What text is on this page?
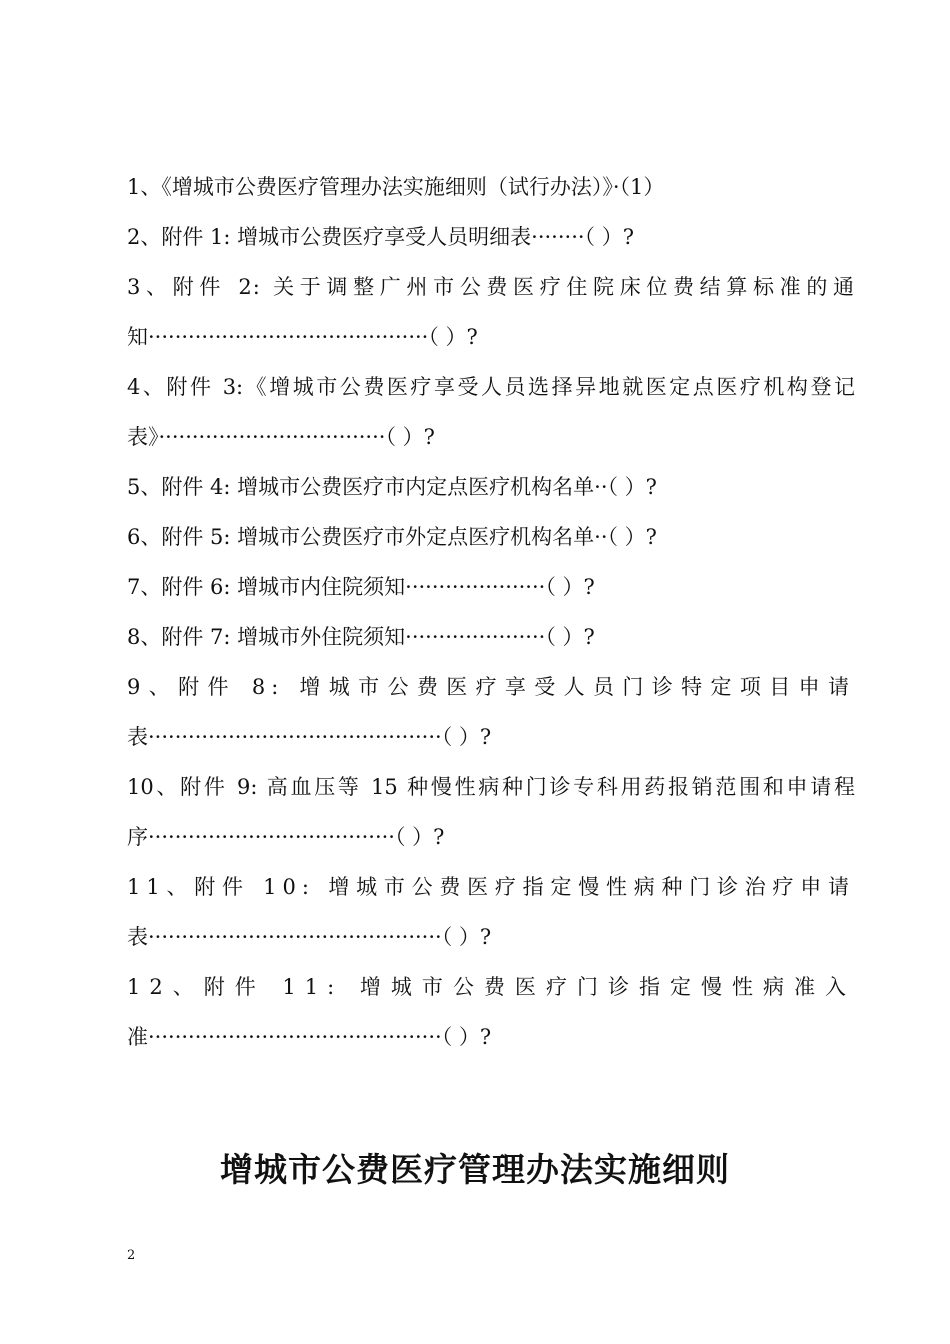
1、《增城市公费医疗管理办法实施细则（试行办法）》·（1）
2、附件 1: 增城市公费医疗享受人员明细表········（ ）?
3、附件 2: 关于调整广州市公费医疗住院床位费结算标准的通
知··········································（ ）?
4、附件 3:《增城市公费医疗享受人员选择异地就医定点医疗机构登记
表》··································（ ）?
5、附件 4: 增城市公费医疗市内定点医疗机构名单··（ ）?
6、附件 5: 增城市公费医疗市外定点医疗机构名单··（ ）?
7、附件 6: 增城市内住院须知·····················（ ）?
8、附件 7: 增城市外住院须知·····················（ ）?
9、附件 8: 增城市公费医疗享受人员门诊特定项目申请
表············································（ ）?
10、附件 9: 高血压等 15 种慢性病种门诊专科用药报销范围和申请程
序·····································（ ）?
11、附件 10: 增城市公费医疗指定慢性病种门诊治疗申请
表············································（ ）?
12、附件 11: 增城市公费医疗门诊指定慢性病准入
准············································（ ）?
增城市公费医疗管理办法实施细则
2
